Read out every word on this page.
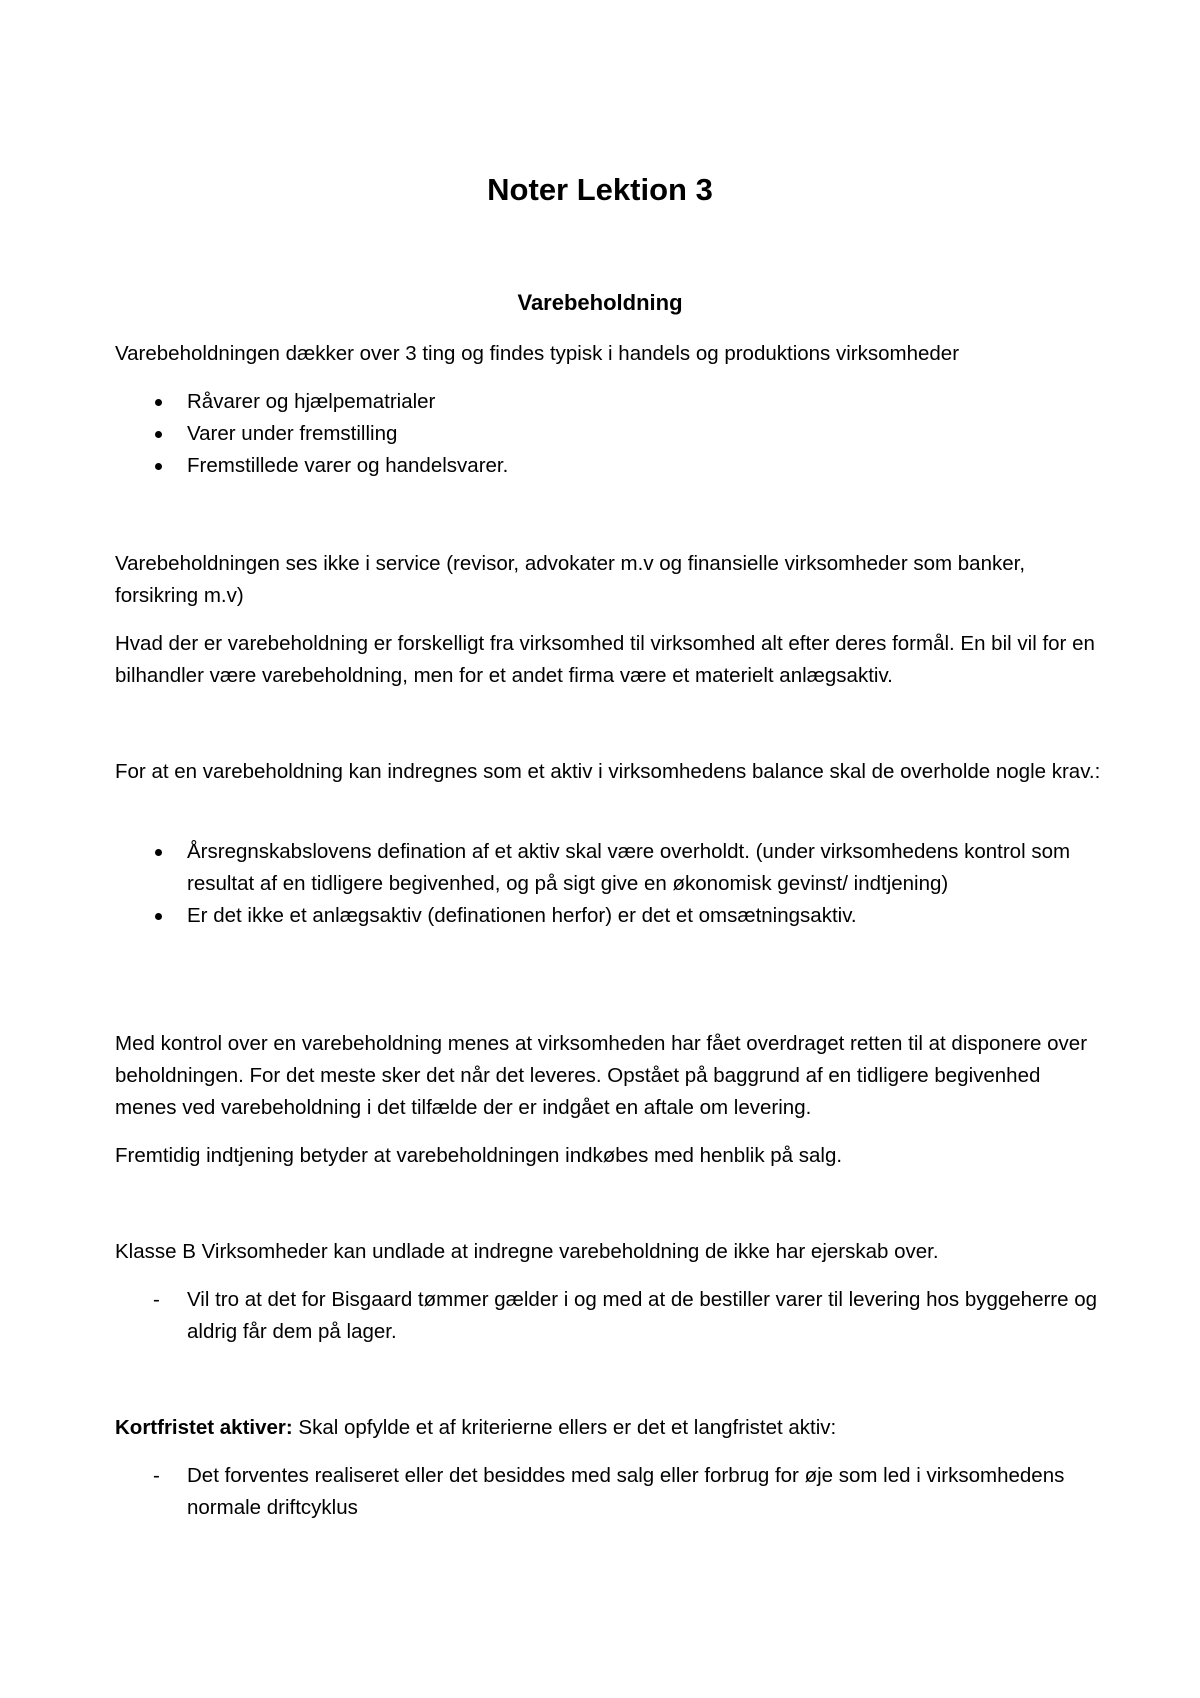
Noter Lektion 3
Varebeholdning

Varebeholdningen dækker over 3 ting og findes typisk i handels og produktions virksomheder

Råvarer og hjælpematrialer
Varer under fremstilling
Fremstillede varer og handelsvarer.

Varebeholdningen ses ikke i service (revisor, advokater m.v og finansielle virksomheder som banker, forsikring m.v)

Hvad der er varebeholdning er forskelligt fra virksomhed til virksomhed alt efter deres formål. En bil vil for en bilhandler være varebeholdning, men for et andet firma være et materielt anlægsaktiv.

For at en varebeholdning kan indregnes som et aktiv i virksomhedens balance skal de overholde nogle krav.:

Årsregnskabslovens defination af et aktiv skal være overholdt. (under virksomhedens kontrol som resultat af en tidligere begivenhed, og på sigt give en økonomisk gevinst/ indtjening)
Er det ikke et anlægsaktiv (definationen herfor) er det et omsætningsaktiv.

Med kontrol over en varebeholdning menes at virksomheden har fået overdraget retten til at disponere over beholdningen. For det meste sker det når det leveres. Opstået på baggrund af en tidligere begivenhed menes ved varebeholdning i det tilfælde der er indgået en aftale om levering.

Fremtidig indtjening betyder at varebeholdningen indkøbes med henblik på salg.

Klasse B Virksomheder kan undlade at indregne varebeholdning de ikke har ejerskab over.

-	Vil tro at det for Bisgaard tømmer gælder i og med at de bestiller varer til levering hos byggeherre og aldrig får dem på lager.

Kortfristet aktiver: Skal opfylde et af kriterierne ellers er det et langfristet aktiv:

-	Det forventes realiseret eller det besiddes med salg eller forbrug for øje som led i virksomhedens normale driftcyklus
